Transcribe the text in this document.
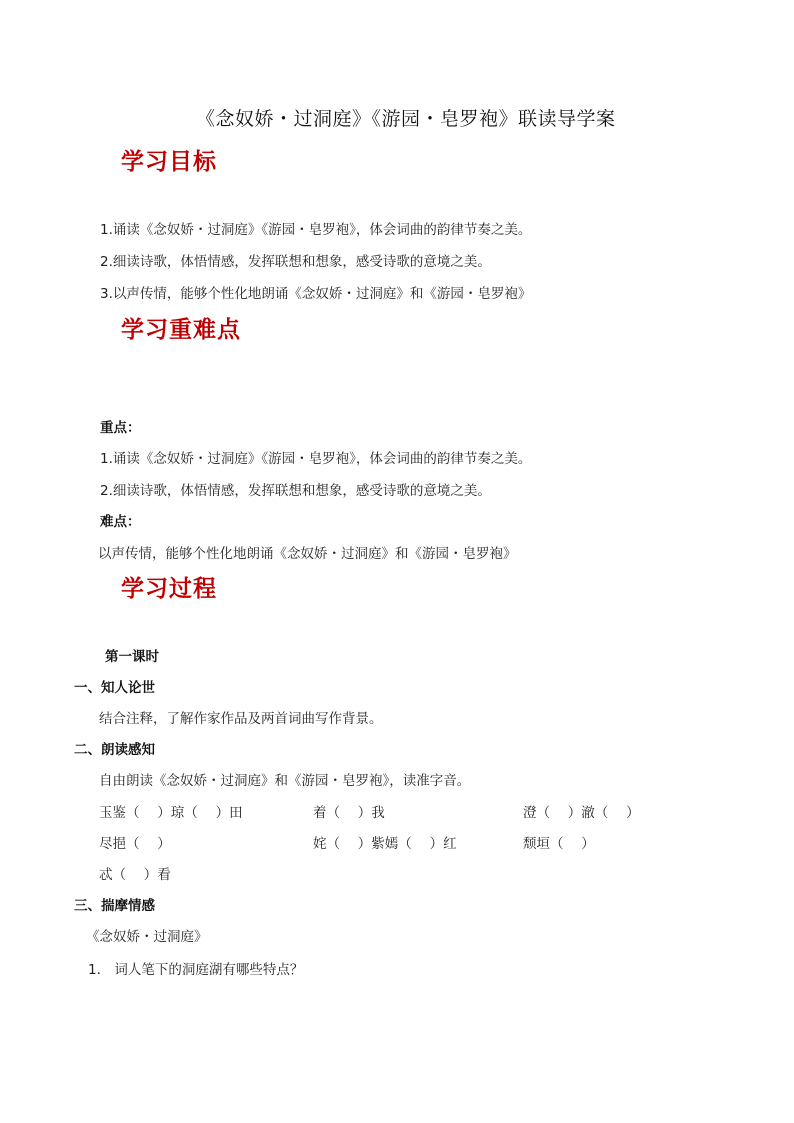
《念奴娇・过洞庭》《游园・皂罗袍》联读导学案
学习目标
1.诵读《念奴娇・过洞庭》《游园・皂罗袍》，体会词曲的韵律节奏之美。
2.细读诗歌，体悟情感，发挥联想和想象，感受诗歌的意境之美。
3.以声传情，能够个性化地朗诵《念奴娇・过洞庭》和《游园・皂罗袍》
学习重难点
重点：
1.诵读《念奴娇・过洞庭》《游园・皂罗袍》，体会词曲的韵律节奏之美。
2.细读诗歌，体悟情感，发挥联想和想象，感受诗歌的意境之美。
难点：
以声传情，能够个性化地朗诵《念奴娇・过洞庭》和《游园・皂罗袍》
学习过程
第一课时
一、知人论世
结合注释，了解作家作品及两首词曲写作背景。
二、朗读感知
自由朗读《念奴娇・过洞庭》和《游园・皂罗袍》，读准字音。
玉鉴（　 ）琼（　 ）田	着（　 ）我	澄（　 ）澈（　 ）
尽挹（　 ）	姹（　 ）紫嫣（　 ）红	颓垣（　 ）
忒（　 ）看
三、揣摩情感
《念奴娇・过洞庭》
1.　词人笔下的洞庭湖有哪些特点？
